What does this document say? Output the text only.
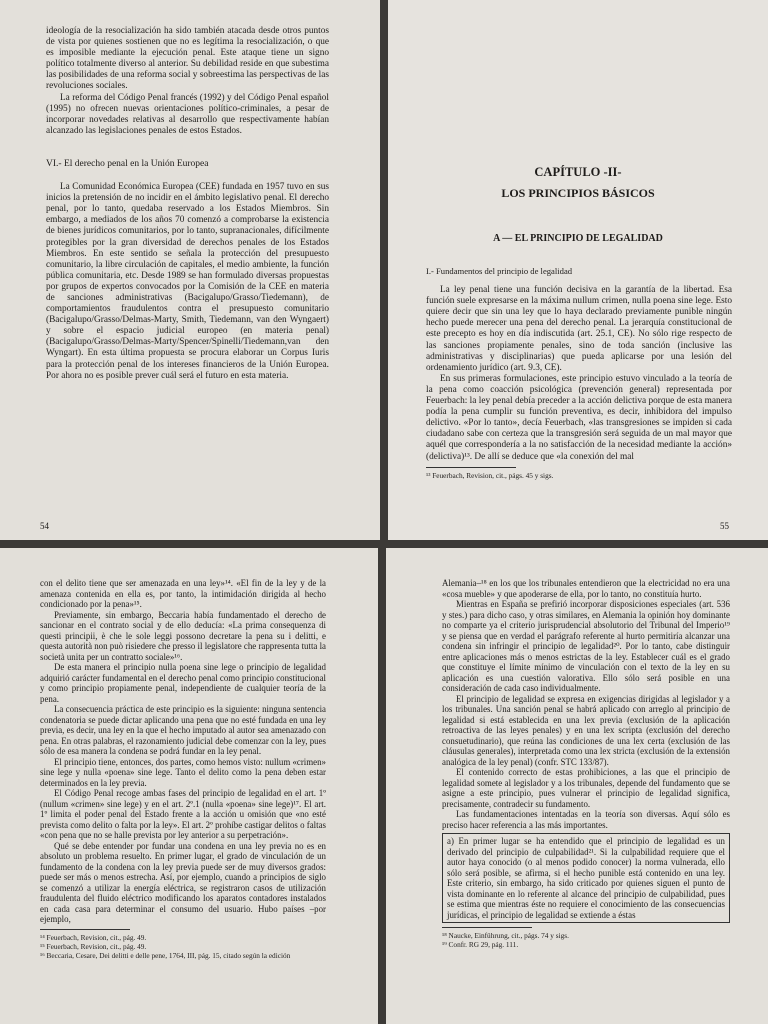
ideología de la resocialización ha sido también atacada desde otros puntos de vista por quienes sostienen que no es legítima la resocialización, o que es imposible mediante la ejecución penal. Este ataque tiene un signo político totalmente diverso al anterior. Su debilidad reside en que subestima las posibilidades de una reforma social y sobreestima las perspectivas de las revoluciones sociales.

La reforma del Código Penal francés (1992) y del Código Penal español (1995) no ofrecen nuevas orientaciones político-criminales, a pesar de incorporar novedades relativas al desarrollo que respectivamente habían alcanzado las legislaciones penales de estos Estados.

VI.- El derecho penal en la Unión Europea

La Comunidad Económica Europea (CEE) fundada en 1957 tuvo en sus inicios la pretensión de no incidir en el ámbito legislativo penal. El derecho penal, por lo tanto, quedaba reservado a los Estados Miembros. Sin embargo, a mediados de los años 70 comenzó a comprobarse la existencia de bienes jurídicos comunitarios, por lo tanto, supranacionales, difícilmente protegibles por la gran diversidad de derechos penales de los Estados Miembros. En este sentido se señala la protección del presupuesto comunitario, la libre circulación de capitales, el medio ambiente, la función pública comunitaria, etc. Desde 1989 se han formulado diversas propuestas por grupos de expertos convocados por la Comisión de la CEE en materia de sanciones administrativas (Bacigalupo/Grasso/Tiedemann), de comportamientos fraudulentos contra el presupuesto comunitario (Bacigalupo/Grasso/Delmas-Marty, Smith, Tiedemann, van den Wyngaert) y sobre el espacio judicial europeo (en materia penal) (Bacigalupo/Grasso/Delmas-Marty/Spencer/Spinelli/Tiedemann,van den Wyngart). En esta última propuesta se procura elaborar un Corpus Iuris para la protección penal de los intereses financieros de la Unión Europea. Por ahora no es posible prever cuál será el futuro en esta materia.

54
CAPÍTULO -II-
LOS PRINCIPIOS BÁSICOS
A — EL PRINCIPIO DE LEGALIDAD

I.- Fundamentos del principio de legalidad

La ley penal tiene una función decisiva en la garantía de la libertad. Esa función suele expresarse en la máxima nullum crimen, nulla poena sine lege. Esto quiere decir que sin una ley que lo haya declarado previamente punible ningún hecho puede merecer una pena del derecho penal. La jerarquía constitucional de este precepto es hoy en día indiscutida (art. 25.1, CE). No sólo rige respecto de las sanciones propiamente penales, sino de toda sanción (inclusive las administrativas y disciplinarias) que pueda aplicarse por una lesión del ordenamiento jurídico (art. 9.3, CE).

En sus primeras formulaciones, este principio estuvo vinculado a la teoría de la pena como coacción psicológica (prevención general) representada por Feuerbach: la ley penal debía preceder a la acción delictiva porque de esta manera podía la pena cumplir su función preventiva, es decir, inhibidora del impulso delictivo. «Por lo tanto», decía Feuerbach, «las transgresiones se impiden si cada ciudadano sabe con certeza que la transgresión será seguida de un mal mayor que aquél que correspondería a la no satisfacción de la necesidad mediante la acción» (delictiva)¹³. De allí se deduce que «la conexión del mal

¹³ Feuerbach, Revision, cit., págs. 45 y sigs.

55

con el delito tiene que ser amenazada en una ley»¹⁴. «El fin de la ley y de la amenaza contenida en ella es, por tanto, la intimidación dirigida al hecho condicionado por la pena»¹⁵.

Previamente, sin embargo, Beccaria había fundamentado el derecho de sancionar en el contrato social y de ello deducía: «La prima consequenza di questi principii, è che le sole leggi possono decretare la pena su i delitti, e questa autorità non può risiedere che presso il legislatore che rappresenta tutta la società unita per un contratto sociale»¹⁶.

De esta manera el principio nulla poena sine lege o principio de legalidad adquirió carácter fundamental en el derecho penal como principio constitucional y como principio propiamente penal, independiente de cualquier teoría de la pena.

La consecuencia práctica de este principio es la siguiente: ninguna sentencia condenatoria se puede dictar aplicando una pena que no esté fundada en una ley previa, es decir, una ley en la que el hecho imputado al autor sea amenazado con pena. En otras palabras, el razonamiento judicial debe comenzar con la ley, pues sólo de esa manera la condena se podrá fundar en la ley penal.

El principio tiene, entonces, dos partes, como hemos visto: nullum «crimen» sine lege y nulla «poena» sine lege. Tanto el delito como la pena deben estar determinados en la ley previa.

El Código Penal recoge ambas fases del principio de legalidad en el art. 1º (nullum «crimen» sine lege) y en el art. 2º.1 (nulla «poena» sine lege)¹⁷. El art. 1º limita el poder penal del Estado frente a la acción u omisión que «no esté prevista como delito o falta por la ley». El art. 2º prohíbe castigar delitos o faltas «con pena que no se halle prevista por ley anterior a su perpetración».

Qué se debe entender por fundar una condena en una ley previa no es en absoluto un problema resuelto. En primer lugar, el grado de vinculación de un fundamento de la condena con la ley previa puede ser de muy diversos grados: puede ser más o menos estrecha. Así, por ejemplo, cuando a principios de siglo se comenzó a utilizar la energía eléctrica, se registraron casos de utilización fraudulenta del fluido eléctrico modificando los aparatos contadores instalados en cada casa para determinar el consumo del usuario. Hubo países –por ejemplo,

¹⁴ Feuerbach, Revision, cit., pág. 49.

¹⁵ Feuerbach, Revision, cit., pág. 49.

¹⁶ Beccaria, Cesare, Dei delitti e delle pene, 1764, III, pág. 15, citado según la edición

Alemania–¹⁸ en los que los tribunales entendieron que la electricidad no era una «cosa mueble» y que apoderarse de ella, por lo tanto, no constituía hurto.

Mientras en España se prefirió incorporar disposiciones especiales (art. 536 y stes.) para dicho caso, y otras similares, en Alemania la opinión hoy dominante no comparte ya el criterio jurisprudencial absolutorio del Tribunal del Imperio¹⁹ y se piensa que en verdad el parágrafo referente al hurto permitiría alcanzar una condena sin infringir el principio de legalidad²⁰. Por lo tanto, cabe distinguir entre aplicaciones más o menos estrictas de la ley. Establecer cuál es el grado que constituye el límite mínimo de vinculación con el texto de la ley en su aplicación es una cuestión valorativa. Ello sólo será posible en una consideración de cada caso individualmente.

El principio de legalidad se expresa en exigencias dirigidas al legislador y a los tribunales. Una sanción penal se habrá aplicado con arreglo al principio de legalidad si está establecida en una lex previa (exclusión de la aplicación retroactiva de las leyes penales) y en una lex scripta (exclusión del derecho consuetudinario), que reúna las condiciones de una lex certa (exclusión de las cláusulas generales), interpretada como una lex stricta (exclusión de la extensión analógica de la ley penal) (confr. STC 133/87).

El contenido correcto de estas prohibiciones, a las que el principio de legalidad somete al legislador y a los tribunales, depende del fundamento que se asigne a este principio, pues vulnerar el principio de legalidad significa, precisamente, contradecir su fundamento.

Las fundamentaciones intentadas en la teoría son diversas. Aquí sólo es preciso hacer referencia a las más importantes.

a) En primer lugar se ha entendido que el principio de legalidad es un derivado del principio de culpabilidad²¹. Si la culpabilidad requiere que el autor haya conocido (o al menos podido conocer) la norma vulnerada, ello sólo será posible, se afirma, si el hecho punible está contenido en una ley. Este criterio, sin embargo, ha sido criticado por quienes siguen el punto de vista dominante en lo referente al alcance del principio de culpabilidad, pues se estima que mientras éste no requiere el conocimiento de las consecuencias jurídicas, el principio de legalidad se extiende a éstas

¹⁸ Naucke, Einführung, cit., págs. 74 y sigs.

¹⁹ Confr. RG 29, pág. 111.
